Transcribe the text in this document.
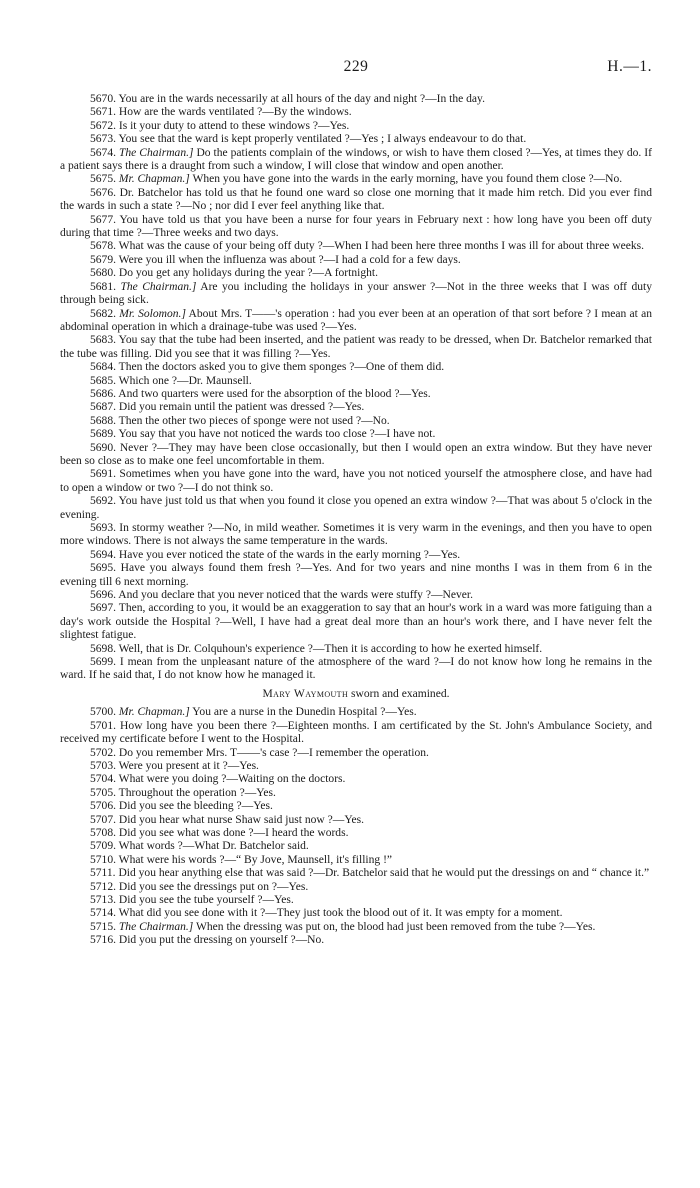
229	H.—1.

5670. You are in the wards necessarily at all hours of the day and night ?—In the day.

5671. How are the wards ventilated ?—By the windows.

5672. Is it your duty to attend to these windows ?—Yes.

5673. You see that the ward is kept properly ventilated ?—Yes ; I always endeavour to do that.

5674. The Chairman.] Do the patients complain of the windows, or wish to have them closed ?—Yes, at times they do. If a patient says there is a draught from such a window, I will close that window and open another.

5675. Mr. Chapman.] When you have gone into the wards in the early morning, have you found them close ?—No.

5676. Dr. Batchelor has told us that he found one ward so close one morning that it made him retch. Did you ever find the wards in such a state ?—No ; nor did I ever feel anything like that.

5677. You have told us that you have been a nurse for four years in February next : how long have you been off duty during that time ?—Three weeks and two days.

5678. What was the cause of your being off duty ?—When I had been here three months I was ill for about three weeks.

5679. Were you ill when the influenza was about ?—I had a cold for a few days.

5680. Do you get any holidays during the year ?—A fortnight.

5681. The Chairman.] Are you including the holidays in your answer ?—Not in the three weeks that I was off duty through being sick.

5682. Mr. Solomon.] About Mrs. T——'s operation : had you ever been at an operation of that sort before ? I mean at an abdominal operation in which a drainage-tube was used ?—Yes.

5683. You say that the tube had been inserted, and the patient was ready to be dressed, when Dr. Batchelor remarked that the tube was filling. Did you see that it was filling ?—Yes.

5684. Then the doctors asked you to give them sponges ?—One of them did.

5685. Which one ?—Dr. Maunsell.

5686. And two quarters were used for the absorption of the blood ?—Yes.

5687. Did you remain until the patient was dressed ?—Yes.

5688. Then the other two pieces of sponge were not used ?—No.

5689. You say that you have not noticed the wards too close ?—I have not.

5690. Never ?—They may have been close occasionally, but then I would open an extra window. But they have never been so close as to make one feel uncomfortable in them.

5691. Sometimes when you have gone into the ward, have you not noticed yourself the atmosphere close, and have had to open a window or two ?—I do not think so.

5692. You have just told us that when you found it close you opened an extra window ?—That was about 5 o'clock in the evening.

5693. In stormy weather ?—No, in mild weather. Sometimes it is very warm in the evenings, and then you have to open more windows. There is not always the same temperature in the wards.

5694. Have you ever noticed the state of the wards in the early morning ?—Yes.

5695. Have you always found them fresh ?—Yes. And for two years and nine months I was in them from 6 in the evening till 6 next morning.

5696. And you declare that you never noticed that the wards were stuffy ?—Never.

5697. Then, according to you, it would be an exaggeration to say that an hour's work in a ward was more fatiguing than a day's work outside the Hospital ?—Well, I have had a great deal more than an hour's work there, and I have never felt the slightest fatigue.

5698. Well, that is Dr. Colquhoun's experience ?—Then it is according to how he exerted himself.

5699. I mean from the unpleasant nature of the atmosphere of the ward ?—I do not know how long he remains in the ward. If he said that, I do not know how he managed it.

Mary Waymouth sworn and examined.

5700. Mr. Chapman.] You are a nurse in the Dunedin Hospital ?—Yes.

5701. How long have you been there ?—Eighteen months. I am certificated by the St. John's Ambulance Society, and received my certificate before I went to the Hospital.

5702. Do you remember Mrs. T——'s case ?—I remember the operation.

5703. Were you present at it ?—Yes.

5704. What were you doing ?—Waiting on the doctors.

5705. Throughout the operation ?—Yes.

5706. Did you see the bleeding ?—Yes.

5707. Did you hear what nurse Shaw said just now ?—Yes.

5708. Did you see what was done ?—I heard the words.

5709. What words ?—What Dr. Batchelor said.

5710. What were his words ?—“ By Jove, Maunsell, it's filling !”

5711. Did you hear anything else that was said ?—Dr. Batchelor said that he would put the dressings on and “ chance it.”

5712. Did you see the dressings put on ?—Yes.

5713. Did you see the tube yourself ?—Yes.

5714. What did you see done with it ?—They just took the blood out of it. It was empty for a moment.

5715. The Chairman.] When the dressing was put on, the blood had just been removed from the tube ?—Yes.

5716. Did you put the dressing on yourself ?—No.
